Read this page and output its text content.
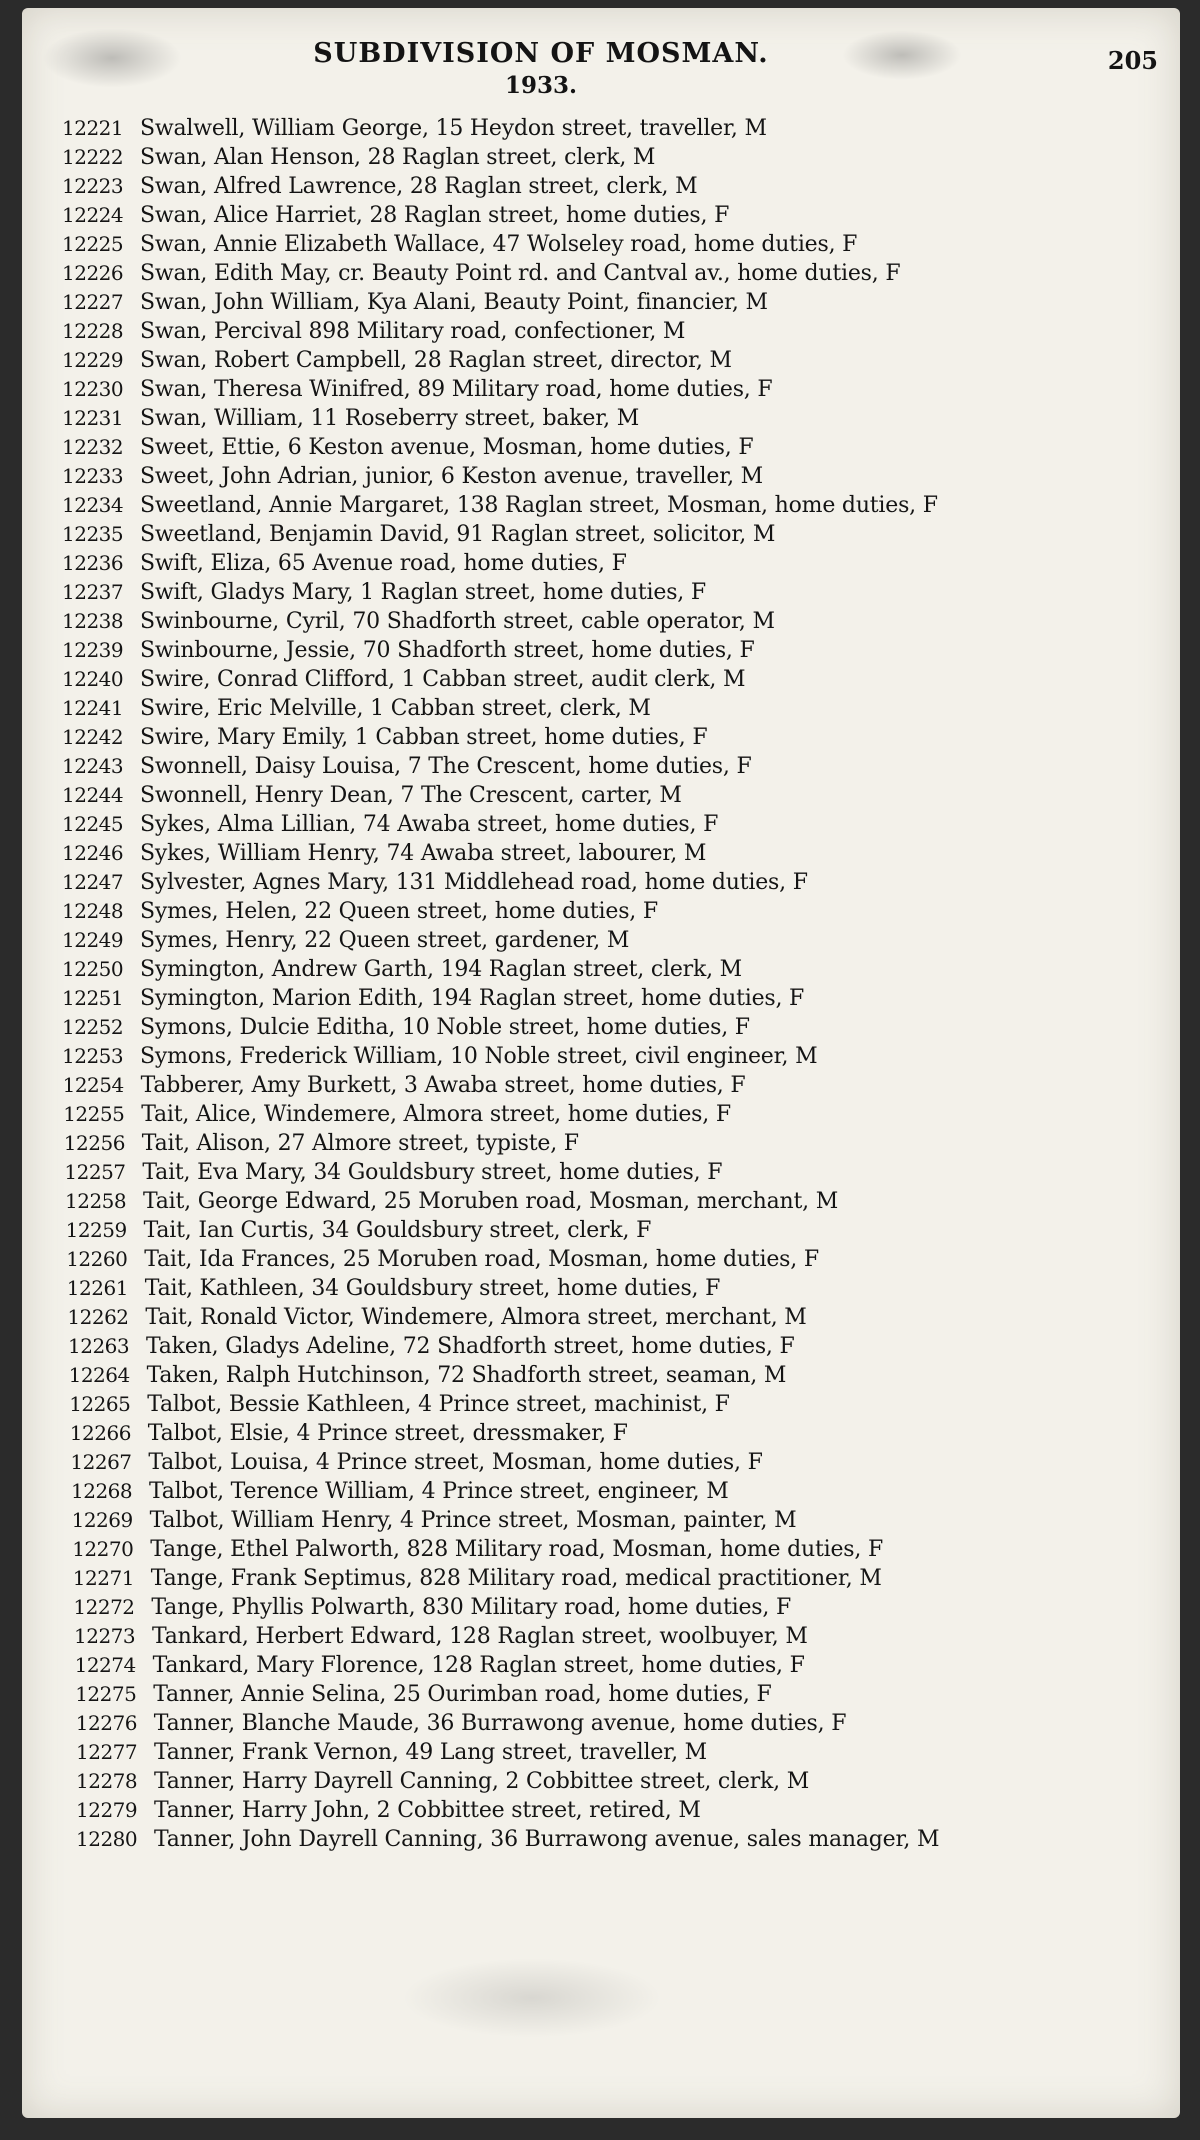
SUBDIVISION OF MOSMAN.
1933.
205
12221 Swalwell, William George, 15 Heydon street, traveller, M
12222 Swan, Alan Henson, 28 Raglan street, clerk, M
12223 Swan, Alfred Lawrence, 28 Raglan street, clerk, M
12224 Swan, Alice Harriet, 28 Raglan street, home duties, F
12225 Swan, Annie Elizabeth Wallace, 47 Wolseley road, home duties, F
12226 Swan, Edith May, cr. Beauty Point rd. and Cantval av., home duties, F
12227 Swan, John William, Kya Alani, Beauty Point, financier, M
12228 Swan, Percival 898 Military road, confectioner, M
12229 Swan, Robert Campbell, 28 Raglan street, director, M
12230 Swan, Theresa Winifred, 89 Military road, home duties, F
12231 Swan, William, 11 Roseberry street, baker, M
12232 Sweet, Ettie, 6 Keston avenue, Mosman, home duties, F
12233 Sweet, John Adrian, junior, 6 Keston avenue, traveller, M
12234 Sweetland, Annie Margaret, 138 Raglan street, Mosman, home duties, F
12235 Sweetland, Benjamin David, 91 Raglan street, solicitor, M
12236 Swift, Eliza, 65 Avenue road, home duties, F
12237 Swift, Gladys Mary, 1 Raglan street, home duties, F
12238 Swinbourne, Cyril, 70 Shadforth street, cable operator, M
12239 Swinbourne, Jessie, 70 Shadforth street, home duties, F
12240 Swire, Conrad Clifford, 1 Cabban street, audit clerk, M
12241 Swire, Eric Melville, 1 Cabban street, clerk, M
12242 Swire, Mary Emily, 1 Cabban street, home duties, F
12243 Swonnell, Daisy Louisa, 7 The Crescent, home duties, F
12244 Swonnell, Henry Dean, 7 The Crescent, carter, M
12245 Sykes, Alma Lillian, 74 Awaba street, home duties, F
12246 Sykes, William Henry, 74 Awaba street, labourer, M
12247 Sylvester, Agnes Mary, 131 Middlehead road, home duties, F
12248 Symes, Helen, 22 Queen street, home duties, F
12249 Symes, Henry, 22 Queen street, gardener, M
12250 Symington, Andrew Garth, 194 Raglan street, clerk, M
12251 Symington, Marion Edith, 194 Raglan street, home duties, F
12252 Symons, Dulcie Editha, 10 Noble street, home duties, F
12253 Symons, Frederick William, 10 Noble street, civil engineer, M
12254 Tabberer, Amy Burkett, 3 Awaba street, home duties, F
12255 Tait, Alice, Windemere, Almora street, home duties, F
12256 Tait, Alison, 27 Almore street, typiste, F
12257 Tait, Eva Mary, 34 Gouldsbury street, home duties, F
12258 Tait, George Edward, 25 Moruben road, Mosman, merchant, M
12259 Tait, Ian Curtis, 34 Gouldsbury street, clerk, F
12260 Tait, Ida Frances, 25 Moruben road, Mosman, home duties, F
12261 Tait, Kathleen, 34 Gouldsbury street, home duties, F
12262 Tait, Ronald Victor, Windemere, Almora street, merchant, M
12263 Taken, Gladys Adeline, 72 Shadforth street, home duties, F
12264 Taken, Ralph Hutchinson, 72 Shadforth street, seaman, M
12265 Talbot, Bessie Kathleen, 4 Prince street, machinist, F
12266 Talbot, Elsie, 4 Prince street, dressmaker, F
12267 Talbot, Louisa, 4 Prince street, Mosman, home duties, F
12268 Talbot, Terence William, 4 Prince street, engineer, M
12269 Talbot, William Henry, 4 Prince street, Mosman, painter, M
12270 Tange, Ethel Palworth, 828 Military road, Mosman, home duties, F
12271 Tange, Frank Septimus, 828 Military road, medical practitioner, M
12272 Tange, Phyllis Polwarth, 830 Military road, home duties, F
12273 Tankard, Herbert Edward, 128 Raglan street, woolbuyer, M
12274 Tankard, Mary Florence, 128 Raglan street, home duties, F
12275 Tanner, Annie Selina, 25 Ourimban road, home duties, F
12276 Tanner, Blanche Maude, 36 Burrawong avenue, home duties, F
12277 Tanner, Frank Vernon, 49 Lang street, traveller, M
12278 Tanner, Harry Dayrell Canning, 2 Cobbittee street, clerk, M
12279 Tanner, Harry John, 2 Cobbittee street, retired, M
12280 Tanner, John Dayrell Canning, 36 Burrawong avenue, sales manager, M
